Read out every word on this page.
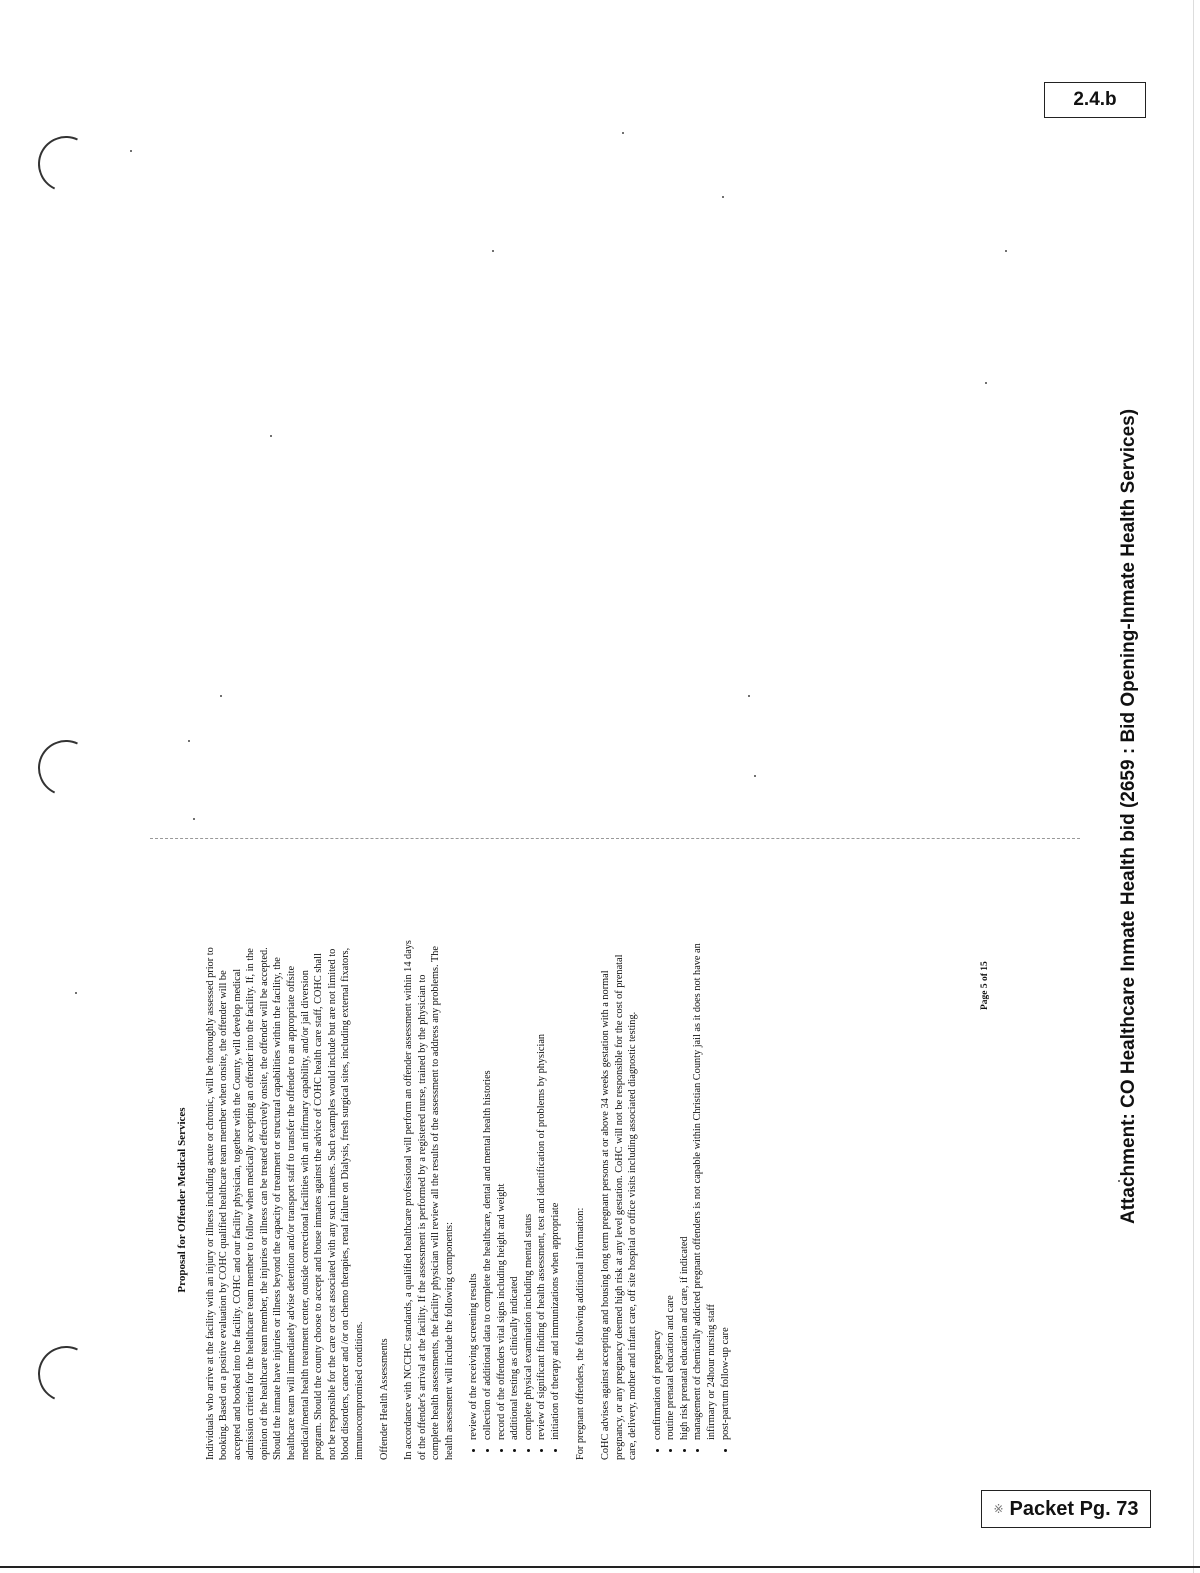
2.4.b

Proposal for Offender Medical Services Individuals who arrive at the facility with an injury or illness including acute or chronic, will be thoroughly assessed prior to booking. Based on a positive evaluation by COHC qualified healthcare team member when onsite, the offender will be accepted and booked into the facility. COHC and our facility physician, together with the County, will develop medical admission criteria for the healthcare team member to follow when medically accepting an offender into the facility. If, in the opinion of the healthcare team member, the injuries or illness can be treated effectively onsite, the offender will be accepted. Should the inmate have injuries or illness beyond the capacity of treatment or structural capabilities within the facility, the healthcare team will immediately advise detention and/or transport staff to transfer the offender to an appropriate offsite medical/mental health treatment center, outside correctional facilities with an infirmary capability, and/or jail diversion program. Should the county choose to accept and house inmates against the advice of COHC health care staff, COHC shall not be responsible for the care or cost associated with any such inmates. Such examples would include but are not limited to blood disorders, cancer and /or on chemo therapies, renal failure on Dialysis, fresh surgical sites, including external fixators, immunocompromised conditions. Offender Health Assessments In accordance with NCCHC standards, a qualified healthcare professional will perform an offender assessment within 14 days of the offender's arrival at the facility. If the assessment is performed by a registered nurse, trained by the physician to complete health assessments, the facility physician will review all the results of the assessment to address any problems. The health assessment will include the following components: • review of the receiving screening results • collection of additional data to complete the healthcare, dental and mental health histories • record of the offenders vital signs including height and weight • additional testing as clinically indicated • complete physical examination including mental status • review of significant finding of health assessment, test and identification of problems by physician • initiation of therapy and immunizations when appropriate For pregnant offenders, the following additional information: CoHC advises against accepting and housing long term pregnant persons at or above 34 weeks gestation with a normal pregnancy, or any pregnancy deemed high risk at any level gestation. CoHC will not be responsible for the cost of prenatal care, delivery, mother and infant care, off site hospital or office visits including associated diagnostic testing. • confirmation of pregnancy • routine prenatal education and care • high risk prenatal education and care, if indicated • management of chemically addicted pregnant offenders is not capable within Christian County jail as it does not have an infirmary or 24hour nursing staff • post-partum follow-up care
Page 5 of 15	Attachment: CO Healthcare Inmate Health bid (2659 : Bid Opening-Inmate Health Services)
※ Packet Pg. 73
